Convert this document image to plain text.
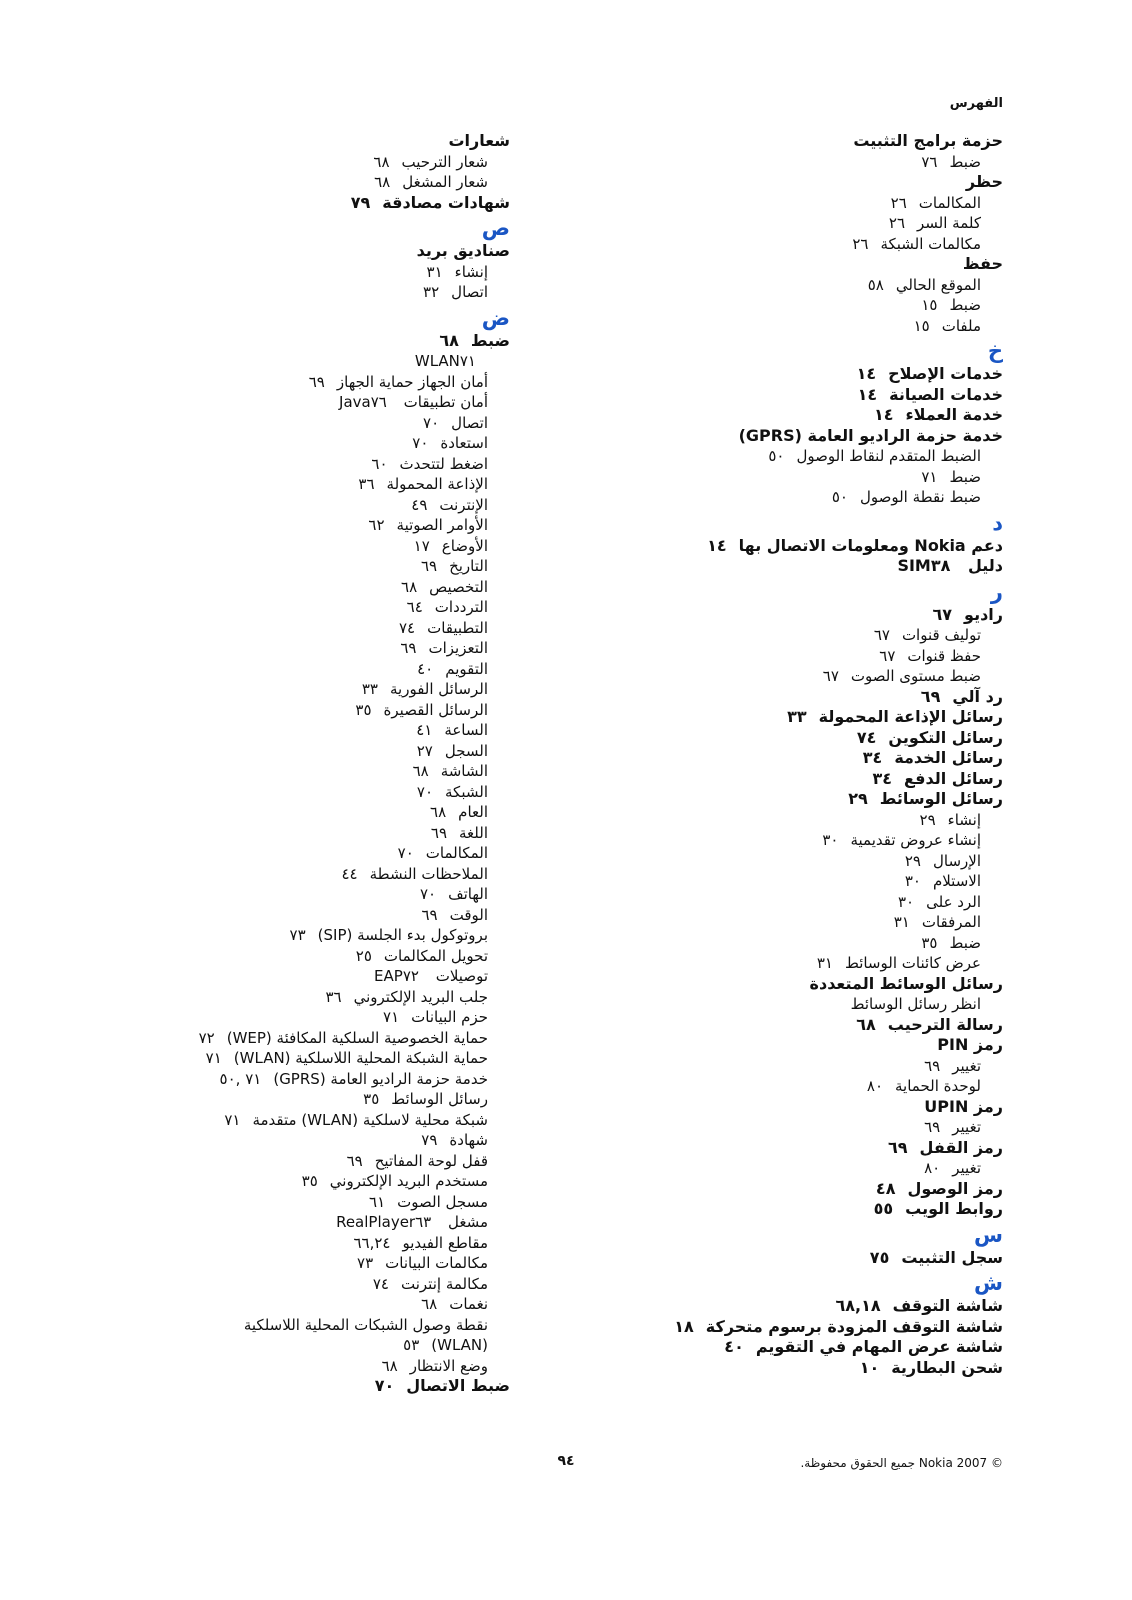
الفهرس
حزمة برامج التثبيت
ضبط٧٦
حظر
المكالمات٢٦
كلمة السر٢٦
مكالمات الشبكة٢٦
حفظ
الموقع الحالي٥٨
ضبط١٥
ملفات١٥
خ
خدمات الإصلاح١٤
خدمات الصيانة١٤
خدمة العملاء١٤
خدمة حزمة الراديو العامة (GPRS)
الضبط المتقدم لنقاط الوصول٥٠
ضبط٧١
ضبط نقطة الوصول٥٠
د
دعم Nokia ومعلومات الاتصال بها١٤
دليل SIM٣٨
ر
راديو٦٧
توليف قنوات٦٧
حفظ قنوات٦٧
ضبط مستوى الصوت٦٧
رد آلي٦٩
رسائل الإذاعة المحمولة٣٣
رسائل التكوين٧٤
رسائل الخدمة٣٤
رسائل الدفع٣٤
رسائل الوسائط٢٩
إنشاء٢٩
إنشاء عروض تقديمية٣٠
الإرسال٢٩
الاستلام٣٠
الرد على٣٠
المرفقات٣١
ضبط٣٥
عرض كائنات الوسائط٣١
رسائل الوسائط المتعددة
انظر رسائل الوسائط
رسالة الترحيب٦٨
رمز PIN
تغيير٦٩
لوحدة الحماية٨٠
رمز UPIN
تغيير٦٩
رمز القفل٦٩
تغيير٨٠
رمز الوصول٤٨
روابط الويب٥٥
س
سجل التثبيت٧٥
ش
شاشة التوقف٦٨,١٨
شاشة التوقف المزودة برسوم متحركة١٨
شاشة عرض المهام في التقويم٤٠
شحن البطارية١٠
شعارات
شعار الترحيب٦٨
شعار المشغل٦٨
شهادات مصادقة٧٩
ص
صناديق بريد
إنشاء٣١
اتصال٣٢
ض
ضبط٦٨
WLAN٧١
أمان الجهاز حماية الجهاز٦٩
أمان تطبيقات Java٧٦
اتصال٧٠
استعادة٧٠
اضغط لتتحدث٦٠
الإذاعة المحمولة٣٦
الإنترنت٤٩
الأوامر الصوتية٦٢
الأوضاع١٧
التاريخ٦٩
التخصيص٦٨
الترددات٦٤
التطبيقات٧٤
التعزيزات٦٩
التقويم٤٠
الرسائل الفورية٣٣
الرسائل القصيرة٣٥
الساعة٤١
السجل٢٧
الشاشة٦٨
الشبكة٧٠
العام٦٨
اللغة٦٩
المكالمات٧٠
الملاحظات النشطة٤٤
الهاتف٧٠
الوقت٦٩
بروتوكول بدء الجلسة (SIP)٧٣
تحويل المكالمات٢٥
توصيلات EAP٧٢
جلب البريد الإلكتروني٣٦
حزم البيانات٧١
حماية الخصوصية السلكية المكافئة (WEP)٧٢
حماية الشبكة المحلية اللاسلكية (WLAN)٧١
خدمة حزمة الراديو العامة (GPRS)٧١ ,٥٠
رسائل الوسائط٣٥
شبكة محلية لاسلكية (WLAN) متقدمة٧١
شهادة٧٩
قفل لوحة المفاتيح٦٩
مستخدم البريد الإلكتروني٣٥
مسجل الصوت٦١
مشغل RealPlayer٦٣
مقاطع الفيديو٦٦,٢٤
مكالمات البيانات٧٣
مكالمة إنترنت٧٤
نغمات٦٨
نقطة وصول الشبكات المحلية اللاسلكية
(WLAN)٥٣
وضع الانتظار٦٨
ضبط الاتصال٧٠
٩٤	© Nokia 2007 جميع الحقوق محفوظة.
